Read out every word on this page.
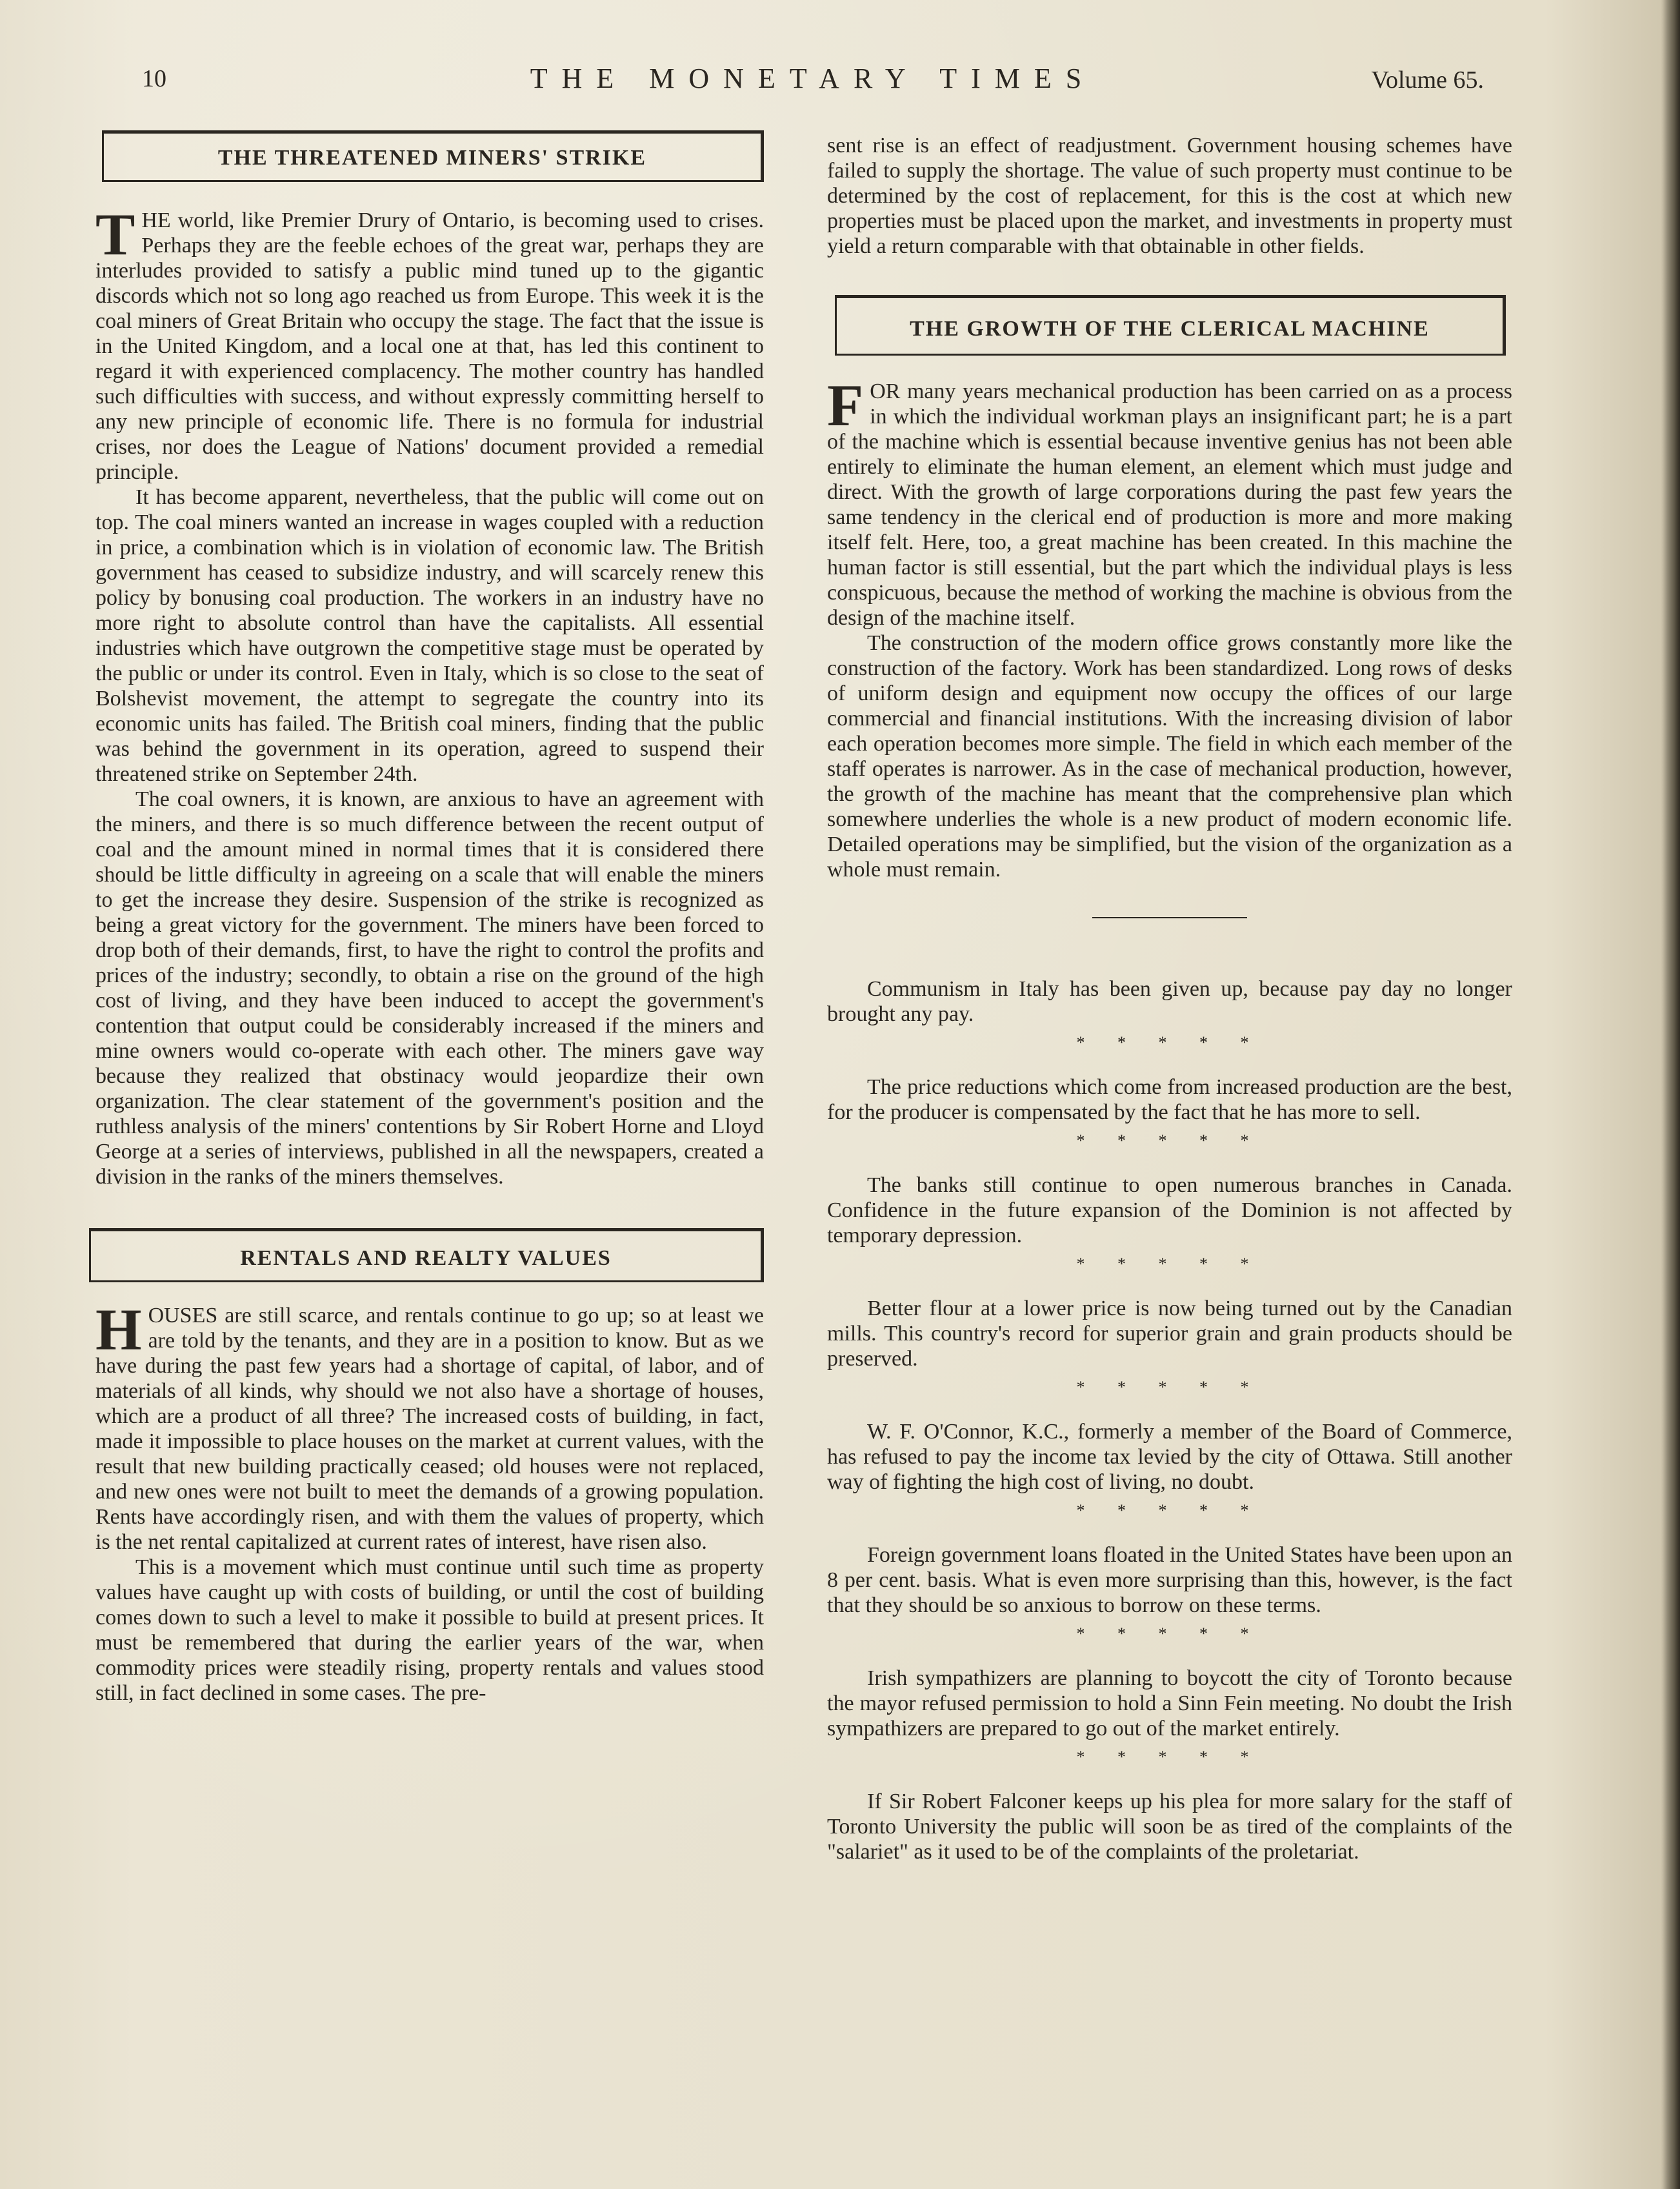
10	THE MONETARY TIMES	Volume 65.
THE THREATENED MINERS' STRIKE

THE world, like Premier Drury of Ontario, is becoming used to crises. Perhaps they are the feeble echoes of the great war, perhaps they are interludes provided to satisfy a public mind tuned up to the gigantic discords which not so long ago reached us from Europe. This week it is the coal miners of Great Britain who occupy the stage. The fact that the issue is in the United Kingdom, and a local one at that, has led this continent to regard it with experienced complacency. The mother country has handled such difficulties with success, and without expressly committing herself to any new principle of economic life. There is no formula for industrial crises, nor does the League of Nations' document provided a remedial principle.

It has become apparent, nevertheless, that the public will come out on top. The coal miners wanted an increase in wages coupled with a reduction in price, a combination which is in violation of economic law. The British government has ceased to subsidize industry, and will scarcely renew this policy by bonusing coal production. The workers in an industry have no more right to absolute control than have the capitalists. All essential industries which have outgrown the competitive stage must be operated by the public or under its control. Even in Italy, which is so close to the seat of Bolshevist movement, the attempt to segregate the country into its economic units has failed. The British coal miners, finding that the public was behind the government in its operation, agreed to suspend their threatened strike on September 24th.

The coal owners, it is known, are anxious to have an agreement with the miners, and there is so much difference between the recent output of coal and the amount mined in normal times that it is considered there should be little difficulty in agreeing on a scale that will enable the miners to get the increase they desire. Suspension of the strike is recognized as being a great victory for the government. The miners have been forced to drop both of their demands, first, to have the right to control the profits and prices of the industry; secondly, to obtain a rise on the ground of the high cost of living, and they have been induced to accept the government's contention that output could be considerably increased if the miners and mine owners would co-operate with each other. The miners gave way because they realized that obstinacy would jeopardize their own organization. The clear statement of the government's position and the ruthless analysis of the miners' contentions by Sir Robert Horne and Lloyd George at a series of interviews, published in all the newspapers, created a division in the ranks of the miners themselves.

RENTALS AND REALTY VALUES

HOUSES are still scarce, and rentals continue to go up; so at least we are told by the tenants, and they are in a position to know. But as we have during the past few years had a shortage of capital, of labor, and of materials of all kinds, why should we not also have a shortage of houses, which are a product of all three? The increased costs of building, in fact, made it impossible to place houses on the market at current values, with the result that new building practically ceased; old houses were not replaced, and new ones were not built to meet the demands of a growing population. Rents have accordingly risen, and with them the values of property, which is the net rental capitalized at current rates of interest, have risen also.

This is a movement which must continue until such time as property values have caught up with costs of building, or until the cost of building comes down to such a level to make it possible to build at present prices. It must be remembered that during the earlier years of the war, when commodity prices were steadily rising, property rentals and values stood still, in fact declined in some cases. The pre-

sent rise is an effect of readjustment. Government housing schemes have failed to supply the shortage. The value of such property must continue to be determined by the cost of replacement, for this is the cost at which new properties must be placed upon the market, and investments in property must yield a return comparable with that obtainable in other fields.

THE GROWTH OF THE CLERICAL MACHINE

FOR many years mechanical production has been carried on as a process in which the individual workman plays an insignificant part; he is a part of the machine which is essential because inventive genius has not been able entirely to eliminate the human element, an element which must judge and direct. With the growth of large corporations during the past few years the same tendency in the clerical end of production is more and more making itself felt. Here, too, a great machine has been created. In this machine the human factor is still essential, but the part which the individual plays is less conspicuous, because the method of working the machine is obvious from the design of the machine itself.

The construction of the modern office grows constantly more like the construction of the factory. Work has been standardized. Long rows of desks of uniform design and equipment now occupy the offices of our large commercial and financial institutions. With the increasing division of labor each operation becomes more simple. The field in which each member of the staff operates is narrower. As in the case of mechanical production, however, the growth of the machine has meant that the comprehensive plan which somewhere underlies the whole is a new product of modern economic life. Detailed operations may be simplified, but the vision of the organization as a whole must remain.

Communism in Italy has been given up, because pay day no longer brought any pay.

* * * * *

The price reductions which come from increased production are the best, for the producer is compensated by the fact that he has more to sell.

* * * * *

The banks still continue to open numerous branches in Canada. Confidence in the future expansion of the Dominion is not affected by temporary depression.

* * * * *

Better flour at a lower price is now being turned out by the Canadian mills. This country's record for superior grain and grain products should be preserved.

* * * * *

W. F. O'Connor, K.C., formerly a member of the Board of Commerce, has refused to pay the income tax levied by the city of Ottawa. Still another way of fighting the high cost of living, no doubt.

* * * * *

Foreign government loans floated in the United States have been upon an 8 per cent. basis. What is even more surprising than this, however, is the fact that they should be so anxious to borrow on these terms.

* * * * *

Irish sympathizers are planning to boycott the city of Toronto because the mayor refused permission to hold a Sinn Fein meeting. No doubt the Irish sympathizers are prepared to go out of the market entirely.

* * * * *

If Sir Robert Falconer keeps up his plea for more salary for the staff of Toronto University the public will soon be as tired of the complaints of the "salariet" as it used to be of the complaints of the proletariat.
